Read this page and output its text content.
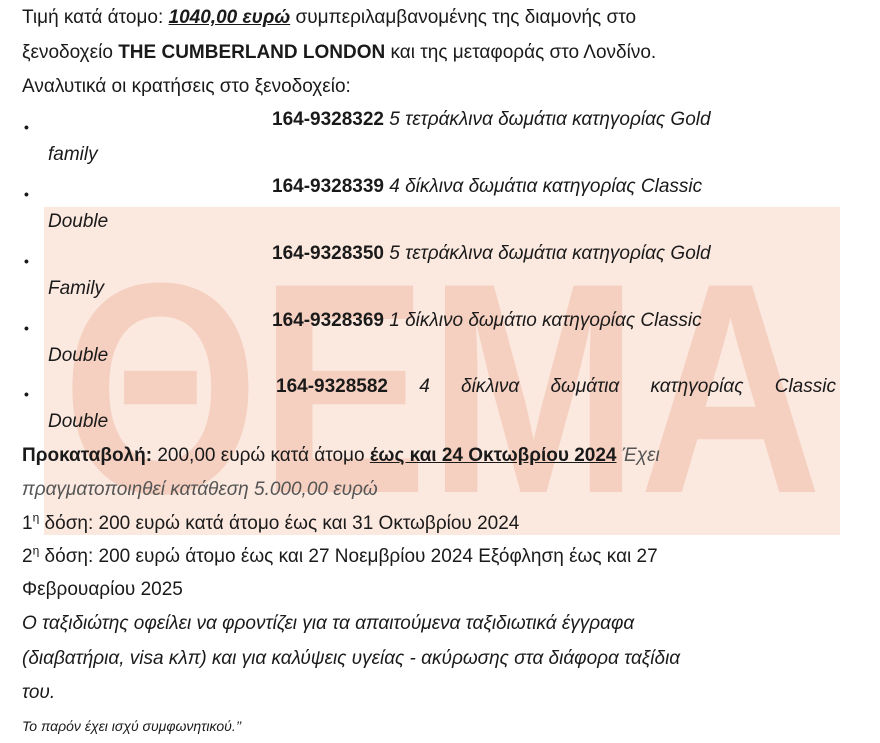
ΘΕΜΑ
Τιμή κατά άτομο: 1040,00 ευρώ συμπεριλαμβανομένης της διαμονής στο
ξενοδοχείο THE CUMBERLAND LONDON και της μεταφοράς στο Λονδίνο.
Αναλυτικά οι κρατήσεις στο ξενοδοχείο:
•	164-9328322 5 τετράκλινα δωμάτια κατηγορίας Gold
family
•	164-9328339 4 δίκλινα δωμάτια κατηγορίας Classic
Double
•	164-9328350 5 τετράκλινα δωμάτια κατηγορίας Gold
Family
•	164-9328369 1 δίκλινο δωμάτιο κατηγορίας Classic
Double
•	164-9328582 4 δίκλινα δωμάτια κατηγορίας Classic
Double
Προκαταβολή: 200,00 ευρώ κατά άτομο έως και 24 Οκτωβρίου 2024 Έχει
πραγματοποιηθεί κατάθεση 5.000,00 ευρώ
$1^\eta$ δόση: 200 ευρώ κατά άτομο έως και 31 Οκτωβρίου 2024
$2^\eta$ δόση: 200 ευρώ άτομο έως και 27 Νοεμβρίου 2024 Εξόφληση έως και 27
Φεβρουαρίου 2025
Ο ταξιδιώτης οφείλει να φροντίζει για τα απαιτούμενα ταξιδιωτικά έγγραφα
(διαβατήρια, visa κλπ) και για καλύψεις υγείας - ακύρωσης στα διάφορα ταξίδια
του.
Το παρόν έχει ισχύ συμφωνητικού.’’
